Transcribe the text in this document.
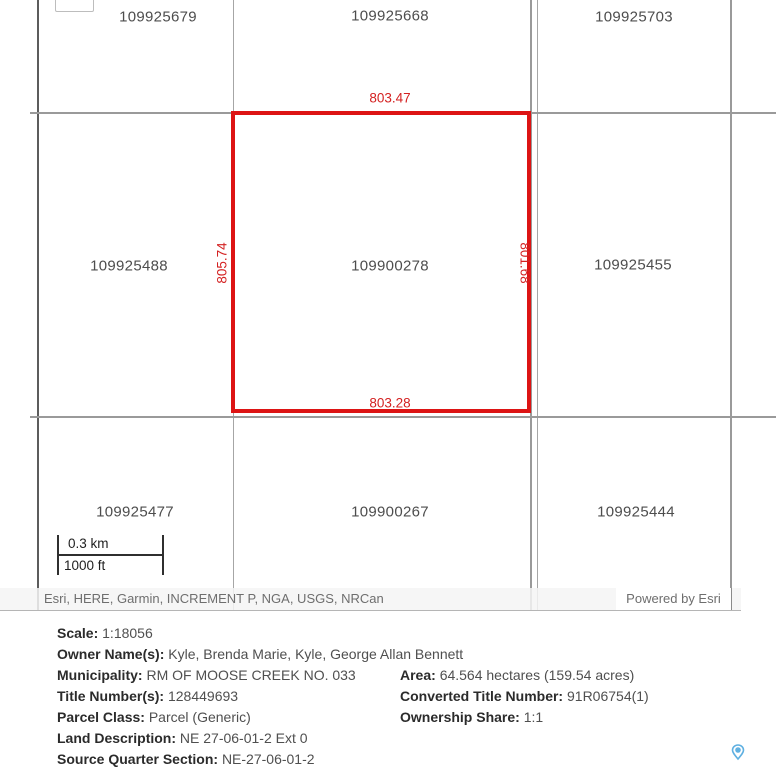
109925679	109925668	109925703
109925488	109925455
109925477	109900267	109925444
109900278
803.47
803.28
805.74	801.68
0.3 km
1000 ft
Esri, HERE, Garmin, INCREMENT P, NGA, USGS, NRCan	Powered by Esri
Scale: 1:18056
Owner Name(s): Kyle, Brenda Marie, Kyle, George Allan Bennett
Municipality: RM OF MOOSE CREEK NO. 033	Area: 64.564 hectares (159.54 acres)
Title Number(s): 128449693	Converted Title Number: 91R06754(1)
Parcel Class: Parcel (Generic)	Ownership Share: 1:1
Land Description: NE 27-06-01-2 Ext 0
Source Quarter Section: NE-27-06-01-2
